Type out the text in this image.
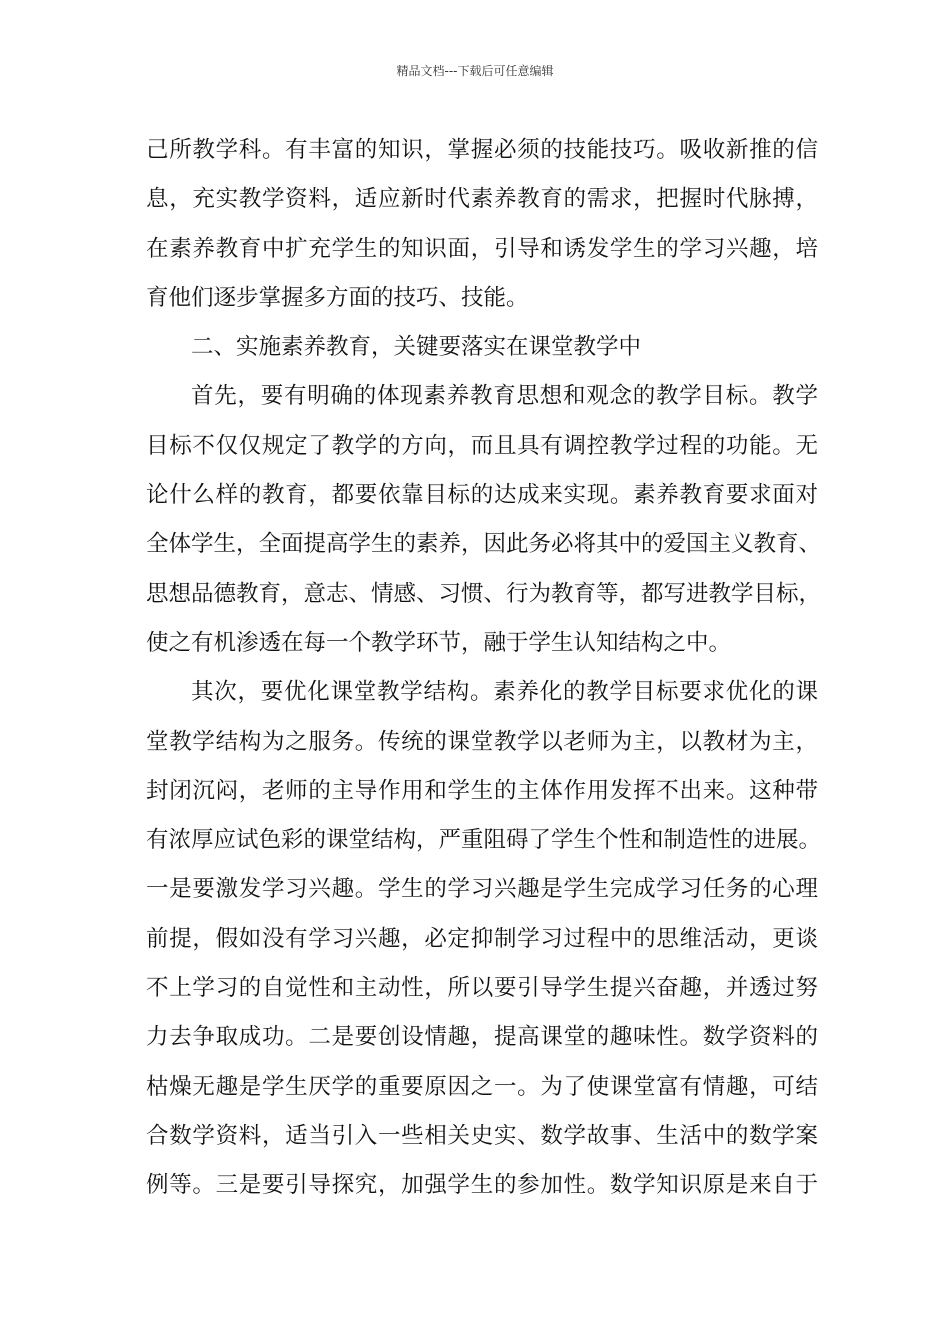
精品文档---下载后可任意编辑
己所教学科。有丰富的知识，掌握必须的技能技巧。吸收新推的信
息，充实教学资料，适应新时代素养教育的需求，把握时代脉搏，
在素养教育中扩充学生的知识面，引导和诱发学生的学习兴趣，培
育他们逐步掌握多方面的技巧、技能。
二、实施素养教育，关键要落实在课堂教学中
首先，要有明确的体现素养教育思想和观念的教学目标。教学
目标不仅仅规定了教学的方向，而且具有调控教学过程的功能。无
论什么样的教育，都要依靠目标的达成来实现。素养教育要求面对
全体学生，全面提高学生的素养，因此务必将其中的爱国主义教育、
思想品德教育，意志、情感、习惯、行为教育等，都写进教学目标，
使之有机渗透在每一个教学环节，融于学生认知结构之中。
其次，要优化课堂教学结构。素养化的教学目标要求优化的课
堂教学结构为之服务。传统的课堂教学以老师为主，以教材为主，
封闭沉闷，老师的主导作用和学生的主体作用发挥不出来。这种带
有浓厚应试色彩的课堂结构，严重阻碍了学生个性和制造性的进展。
一是要激发学习兴趣。学生的学习兴趣是学生完成学习任务的心理
前提，假如没有学习兴趣，必定抑制学习过程中的思维活动，更谈
不上学习的自觉性和主动性，所以要引导学生提兴奋趣，并透过努
力去争取成功。二是要创设情趣，提高课堂的趣味性。数学资料的
枯燥无趣是学生厌学的重要原因之一。为了使课堂富有情趣，可结
合数学资料，适当引入一些相关史实、数学故事、生活中的数学案
例等。三是要引导探究，加强学生的参加性。数学知识原是来自于
